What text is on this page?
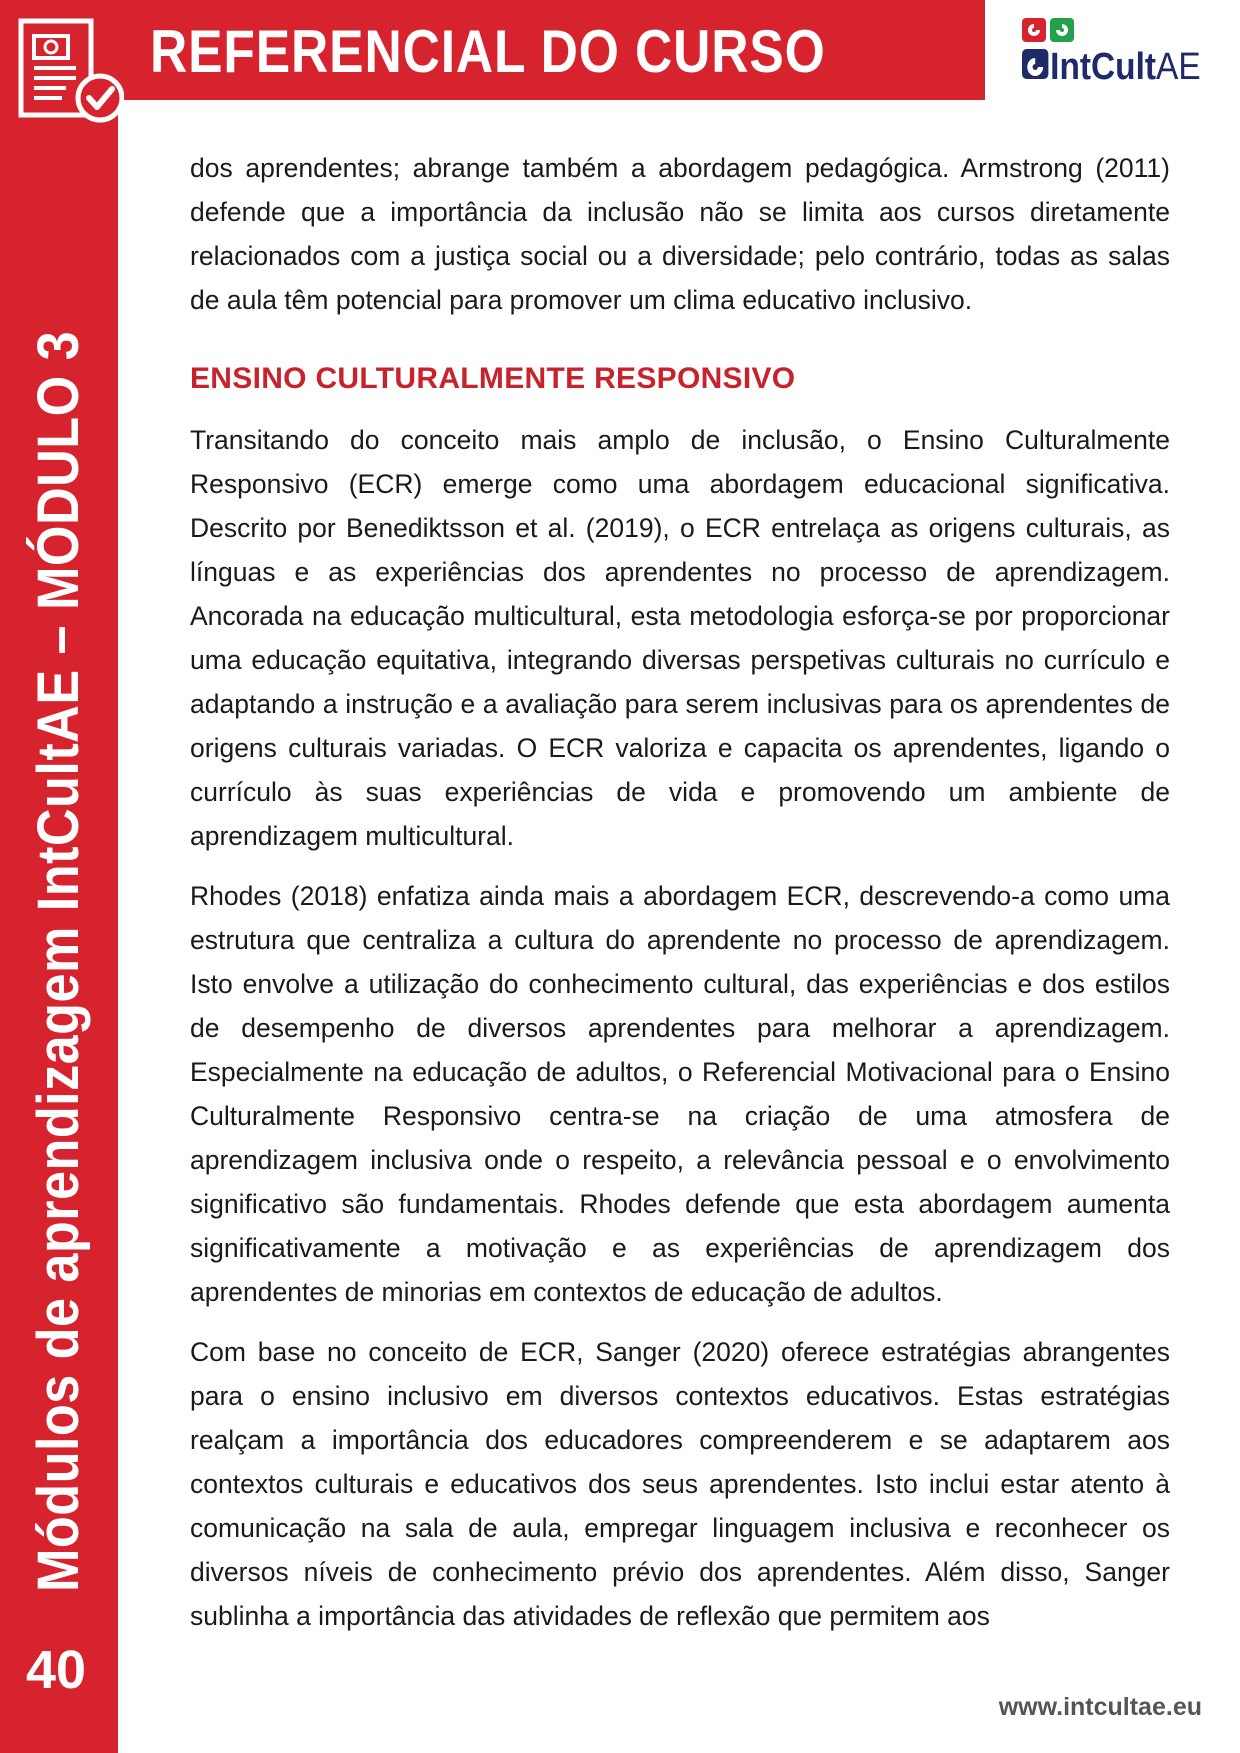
REFERENCIAL DO CURSO	IntCultAE
Módulos de aprendizagem IntCultAE – MÓDULO 3
40

dos aprendentes; abrange também a abordagem pedagógica. Armstrong (2011) defende que a importância da inclusão não se limita aos cursos diretamente relacionados com a justiça social ou a diversidade; pelo contrário, todas as salas de aula têm potencial para promover um clima educativo inclusivo.

ENSINO CULTURALMENTE RESPONSIVO

Transitando do conceito mais amplo de inclusão, o Ensino Culturalmente Responsivo (ECR) emerge como uma abordagem educacional significativa. Descrito por Benediktsson et al. (2019), o ECR entrelaça as origens culturais, as línguas e as experiências dos aprendentes no processo de aprendizagem. Ancorada na educação multicultural, esta metodologia esforça-se por proporcionar uma educação equitativa, integrando diversas perspetivas culturais no currículo e adaptando a instrução e a avaliação para serem inclusivas para os aprendentes de origens culturais variadas. O ECR valoriza e capacita os aprendentes, ligando o currículo às suas experiências de vida e promovendo um ambiente de aprendizagem multicultural.

Rhodes (2018) enfatiza ainda mais a abordagem ECR, descrevendo-a como uma estrutura que centraliza a cultura do aprendente no processo de aprendizagem. Isto envolve a utilização do conhecimento cultural, das experiências e dos estilos de desempenho de diversos aprendentes para melhorar a aprendizagem. Especialmente na educação de adultos, o Referencial Motivacional para o Ensino Culturalmente Responsivo centra-se na criação de uma atmosfera de aprendizagem inclusiva onde o respeito, a relevância pessoal e o envolvimento significativo são fundamentais. Rhodes defende que esta abordagem aumenta significativamente a motivação e as experiências de aprendizagem dos aprendentes de minorias em contextos de educação de adultos.

Com base no conceito de ECR, Sanger (2020) oferece estratégias abrangentes para o ensino inclusivo em diversos contextos educativos. Estas estratégias realçam a importância dos educadores compreenderem e se adaptarem aos contextos culturais e educativos dos seus aprendentes. Isto inclui estar atento à comunicação na sala de aula, empregar linguagem inclusiva e reconhecer os diversos níveis de conhecimento prévio dos aprendentes. Além disso, Sanger sublinha a importância das atividades de reflexão que permitem aos

www.intcultae.eu
